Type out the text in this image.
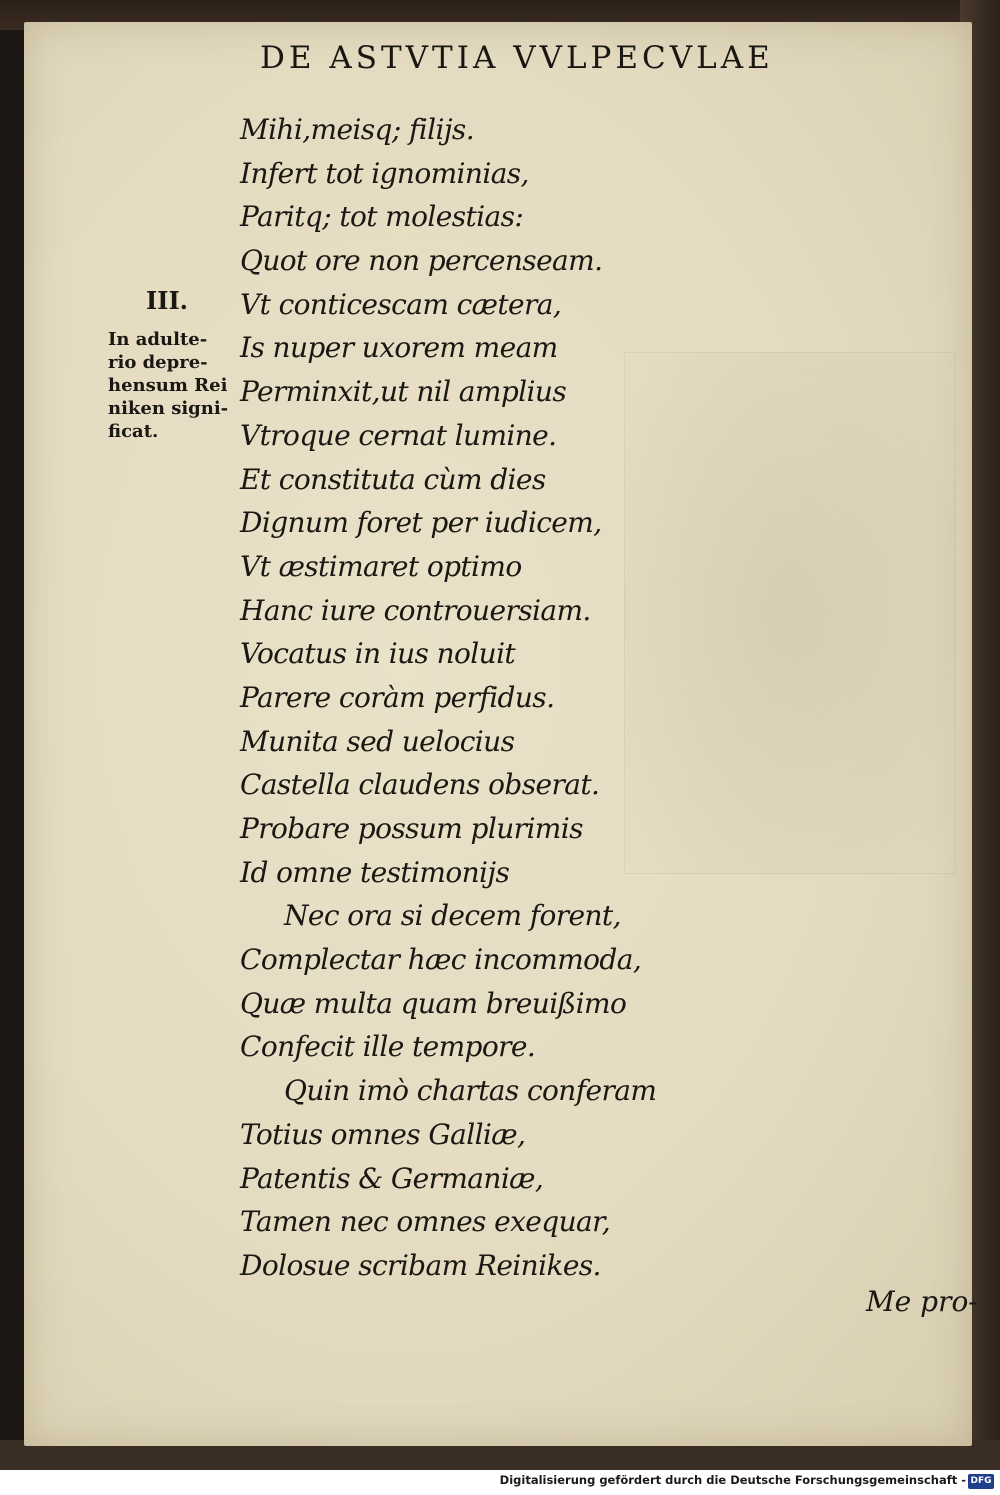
DE ASTVTIA VVLPECVLAE
III.
In adulte-
rio depre-
hensum Rei
niken signi-
ficat.
Mihi,meisq; filijs.
Infert tot ignominias,
Paritq; tot molestias:
Quot ore non percenseam.
Vt conticescam cætera,
Is nuper uxorem meam
Perminxit,ut nil amplius
Vtroque cernat lumine.
Et constituta cùm dies
Dignum foret per iudicem,
Vt æstimaret optimo
Hanc iure controuersiam.
Vocatus in ius noluit
Parere coràm perfidus.
Munita sed uelocius
Castella claudens obserat.
Probare possum plurimis
Id omne testimonijs
Nec ora si decem forent,
Complectar hæc incommoda,
Quæ multa quam breuißimo
Confecit ille tempore.
Quin imò chartas conferam
Totius omnes Galliæ,
Patentis & Germaniæ,
Tamen nec omnes exequar,
Dolosue scribam Reinikes.
Me pro-
Digitalisierung gefördert durch die Deutsche Forschungsgemeinschaft - DFG
